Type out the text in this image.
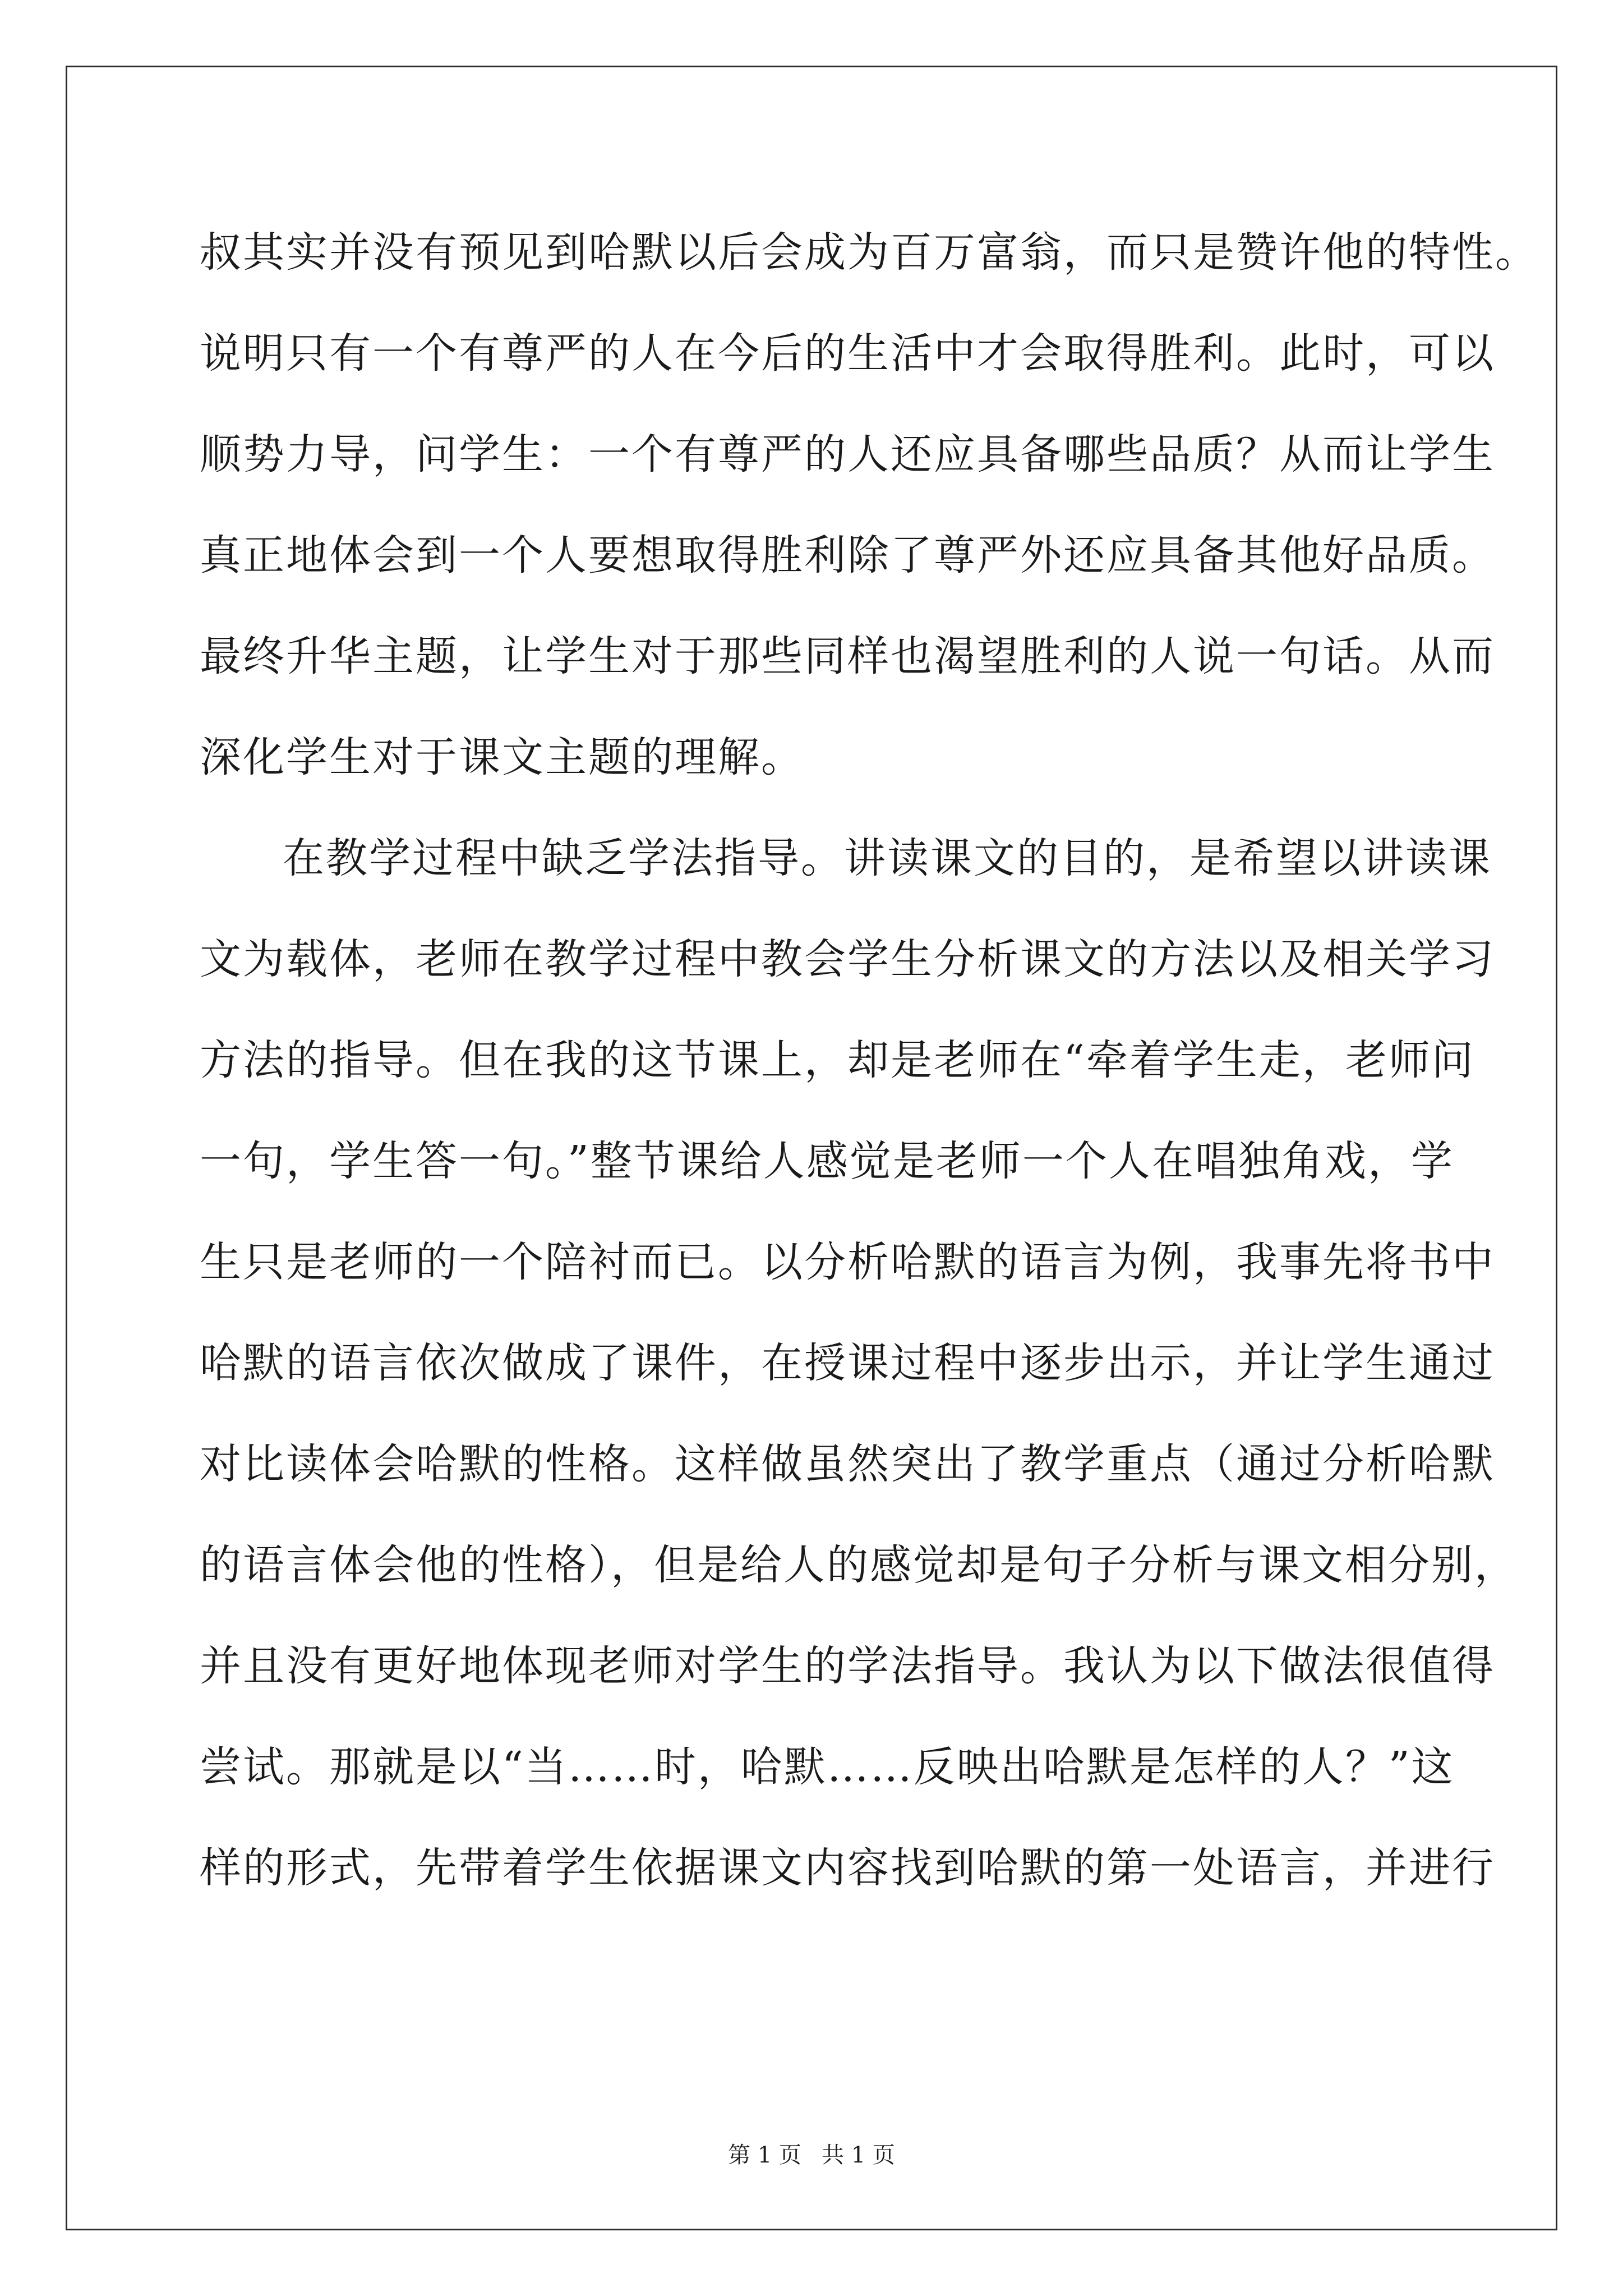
叔其实并没有预见到哈默以后会成为百万富翁，而只是赞许他的特性。
说明只有一个有尊严的人在今后的生活中才会取得胜利。此时，可以
顺势力导，问学生：一个有尊严的人还应具备哪些品质？从而让学生
真正地体会到一个人要想取得胜利除了尊严外还应具备其他好品质。
最终升华主题，让学生对于那些同样也渴望胜利的人说一句话。从而
深化学生对于课文主题的理解。
在教学过程中缺乏学法指导。讲读课文的目的，是希望以讲读课
文为载体，老师在教学过程中教会学生分析课文的方法以及相关学习
方法的指导。但在我的这节课上，却是老师在“牵着学生走，老师问
一句，学生答一句。”整节课给人感觉是老师一个人在唱独角戏，学
生只是老师的一个陪衬而已。以分析哈默的语言为例，我事先将书中
哈默的语言依次做成了课件，在授课过程中逐步出示，并让学生通过
对比读体会哈默的性格。这样做虽然突出了教学重点（通过分析哈默
的语言体会他的性格），但是给人的感觉却是句子分析与课文相分别，
并且没有更好地体现老师对学生的学法指导。我认为以下做法很值得
尝试。那就是以“当……时，哈默……反映出哈默是怎样的人？”这
样的形式，先带着学生依据课文内容找到哈默的第一处语言，并进行
第 1 页 共 1 页
